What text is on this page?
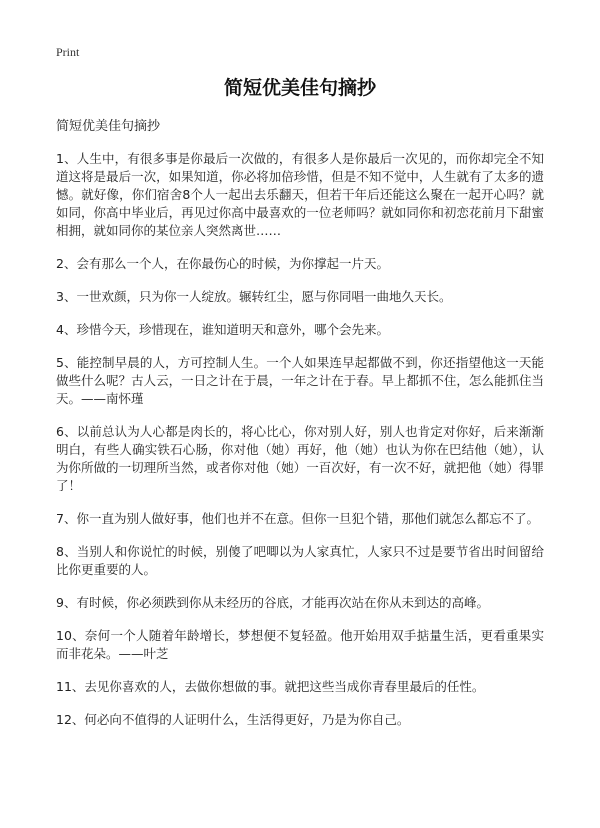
Print
简短优美佳句摘抄
简短优美佳句摘抄
1、人生中，有很多事是你最后一次做的，有很多人是你最后一次见的，而你却完全不知道这将是最后一次，如果知道，你必将加倍珍惜，但是不知不觉中，人生就有了太多的遗憾。就好像，你们宿舍8个人一起出去乐翻天，但若干年后还能这么聚在一起开心吗？就如同，你高中毕业后，再见过你高中最喜欢的一位老师吗？就如同你和初恋花前月下甜蜜相拥，就如同你的某位亲人突然离世……
2、会有那么一个人，在你最伤心的时候，为你撑起一片天。
3、一世欢颜，只为你一人绽放。辗转红尘，愿与你同唱一曲地久天长。
4、珍惜今天，珍惜现在，谁知道明天和意外，哪个会先来。
5、能控制早晨的人，方可控制人生。一个人如果连早起都做不到，你还指望他这一天能做些什么呢？古人云，一日之计在于晨，一年之计在于春。早上都抓不住，怎么能抓住当天。——南怀瑾
6、以前总认为人心都是肉长的，将心比心，你对别人好，别人也肯定对你好，后来渐渐明白，有些人确实铁石心肠，你对他（她）再好，他（她）也认为你在巴结他（她），认为你所做的一切理所当然，或者你对他（她）一百次好，有一次不好，就把他（她）得罪了！
7、你一直为别人做好事，他们也并不在意。但你一旦犯个错，那他们就怎么都忘不了。
8、当别人和你说忙的时候，别傻了吧唧以为人家真忙，人家只不过是要节省出时间留给比你更重要的人。
9、有时候，你必须跌到你从未经历的谷底，才能再次站在你从未到达的高峰。
10、奈何一个人随着年龄增长，梦想便不复轻盈。他开始用双手掂量生活，更看重果实而非花朵。——叶芝
11、去见你喜欢的人，去做你想做的事。就把这些当成你青春里最后的任性。
12、何必向不值得的人证明什么，生活得更好，乃是为你自己。
